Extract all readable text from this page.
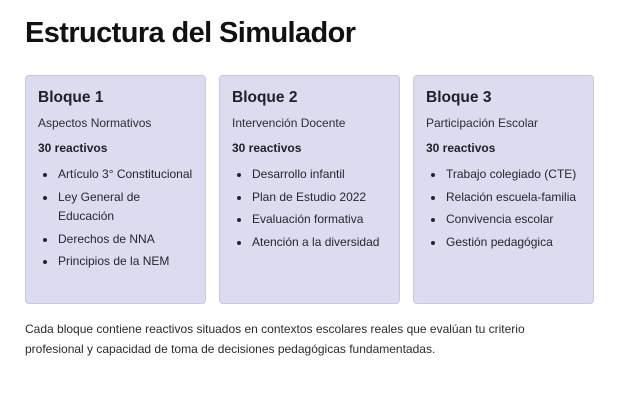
Estructura del Simulador
Bloque 1
Aspectos Normativos
30 reactivos
Artículo 3° Constitucional
Ley General de Educación
Derechos de NNA
Principios de la NEM
Bloque 2
Intervención Docente
30 reactivos
Desarrollo infantil
Plan de Estudio 2022
Evaluación formativa
Atención a la diversidad
Bloque 3
Participación Escolar
30 reactivos
Trabajo colegiado (CTE)
Relación escuela-familia
Convivencia escolar
Gestión pedagógica

Cada bloque contiene reactivos situados en contextos escolares reales que evalúan tu criterio profesional y capacidad de toma de decisiones pedagógicas fundamentadas.
